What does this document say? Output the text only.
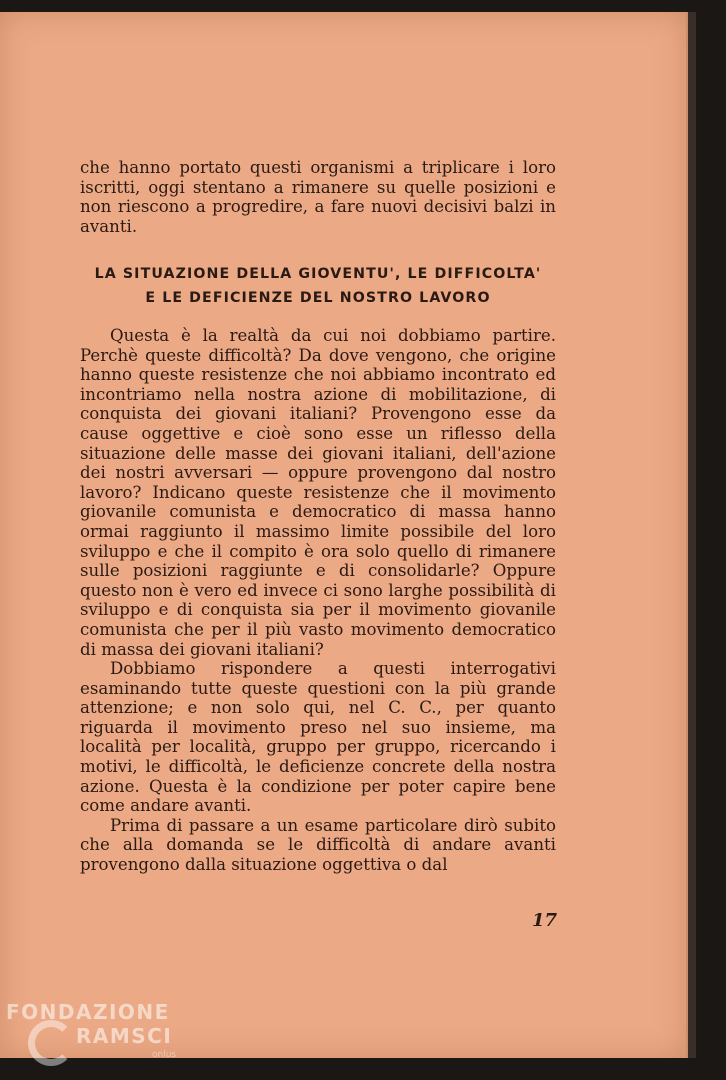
che hanno portato questi organismi a triplicare i loro iscritti, oggi stentano a rimanere su quelle posizioni e non riescono a progredire, a fare nuovi decisivi balzi in avanti.
LA SITUAZIONE DELLA GIOVENTU', LE DIFFICOLTA'
E LE DEFICIENZE DEL NOSTRO LAVORO

Questa è la realtà da cui noi dobbiamo partire. Perchè queste difficoltà? Da dove vengono, che origine hanno queste resistenze che noi abbiamo incontrato ed incontriamo nella nostra azione di mobilitazione, di conquista dei giovani italiani? Provengono esse da cause oggettive e cioè sono esse un riflesso della situazione delle masse dei giovani italiani, dell'azione dei nostri avversari — oppure provengono dal nostro lavoro? Indicano queste resistenze che il movimento giovanile comunista e democratico di massa hanno ormai raggiunto il massimo limite possibile del loro sviluppo e che il compito è ora solo quello di rimanere sulle posizioni raggiunte e di consolidarle? Oppure questo non è vero ed invece ci sono larghe possibilità di sviluppo e di conquista sia per il movimento giovanile comunista che per il più vasto movimento democratico di massa dei giovani italiani?

Dobbiamo rispondere a questi interrogativi esaminando tutte queste questioni con la più grande attenzione; e non solo qui, nel C. C., per quanto riguarda il movimento preso nel suo insieme, ma località per località, gruppo per gruppo, ricercando i motivi, le difficoltà, le deficienze concrete della nostra azione. Questa è la condizione per poter capire bene come andare avanti.

Prima di passare a un esame particolare dirò subito che alla domanda se le difficoltà di andare avanti provengono dalla situazione oggettiva o dal

17
FONDAZIONE
RAMSCI
onlus
